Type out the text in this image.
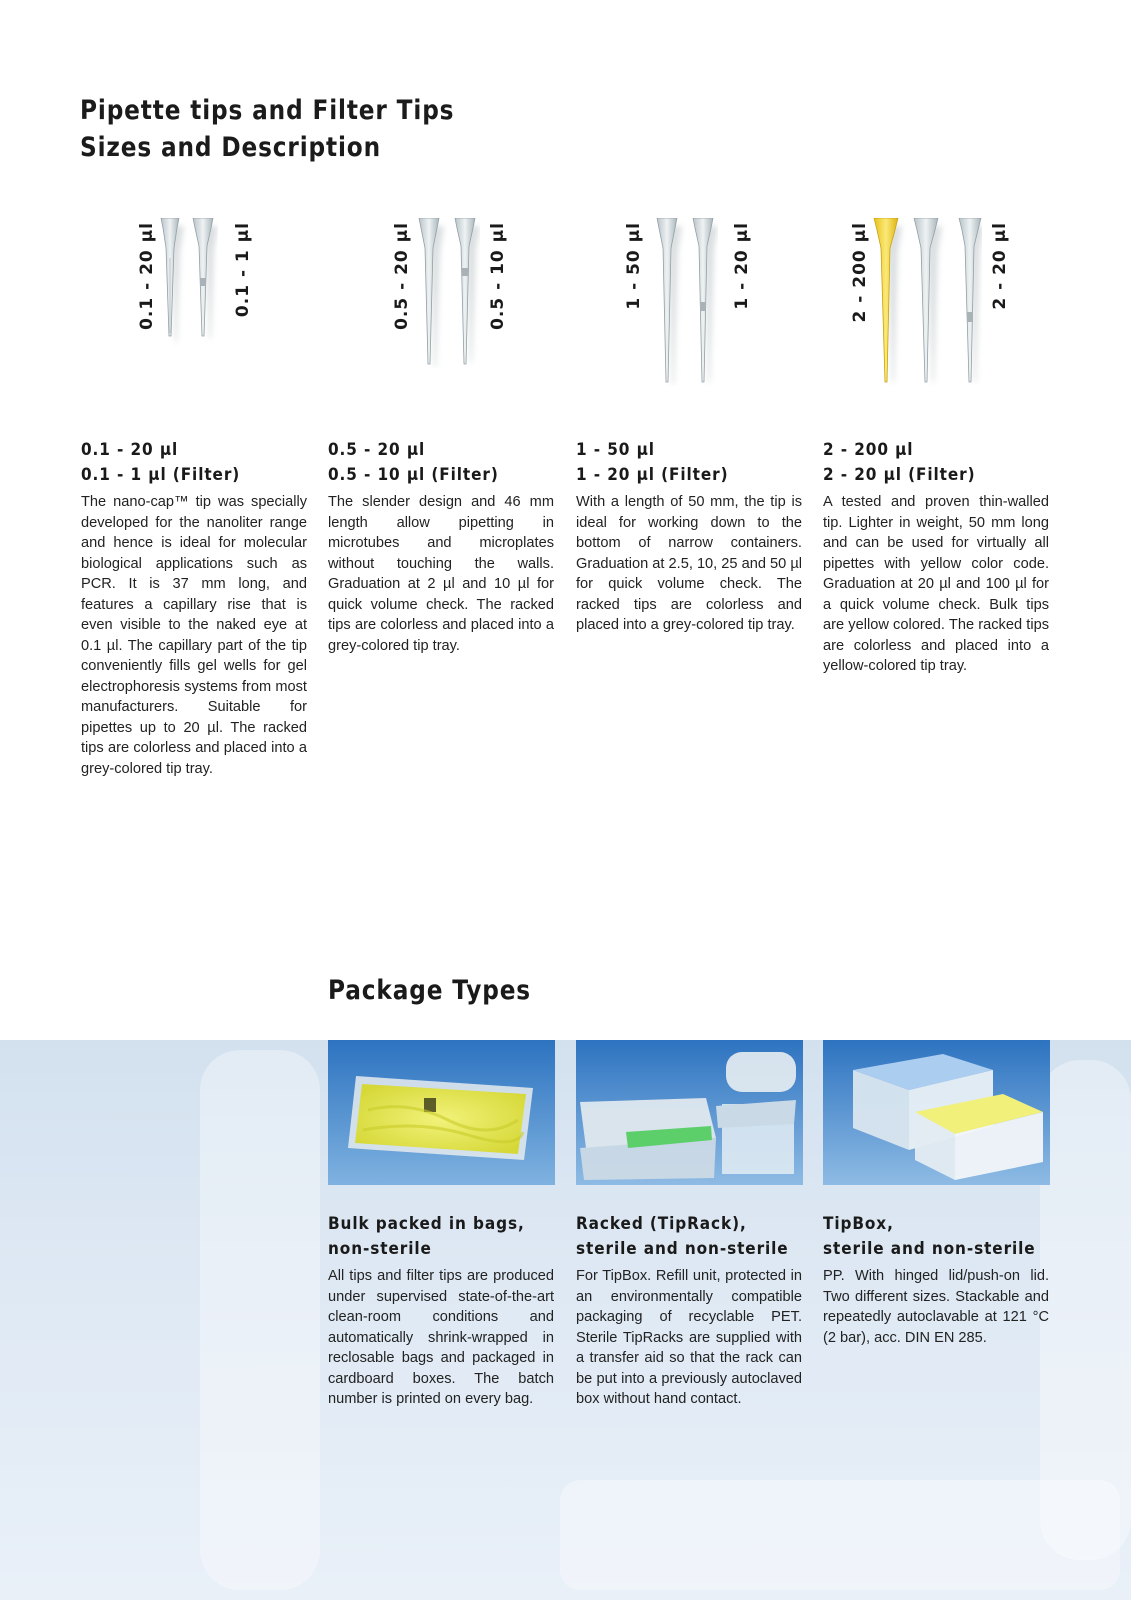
Pipette tips and Filter Tips
Sizes and Description
0.1 - 20 µl	0.1 - 1 µl	0.5 - 20 µl	0.5 - 10 µl	1 - 50 µl	1 - 20 µl	2 - 200 µl	2 - 20 µl
0.1 - 20 µl
0.1 - 1 µl (Filter)

The nano-cap™ tip was specially developed for the nanoliter range and hence is ideal for molecular biological applications such as PCR. It is 37 mm long, and features a capillary rise that is even visible to the naked eye at 0.1 µl. The capillary part of the tip conveniently fills gel wells for gel electrophoresis systems from most manufacturers. Suitable for pipettes up to 20 µl. The racked tips are colorless and placed into a grey-colored tip tray.

0.5 - 20 µl
0.5 - 10 µl (Filter)

The slender design and 46 mm length allow pipetting in microtubes and microplates without touching the walls. Graduation at 2 µl and 10 µl for quick volume check. The racked tips are colorless and placed into a grey-colored tip tray.

1 - 50 µl
1 - 20 µl (Filter)

With a length of 50 mm, the tip is ideal for working down to the bottom of narrow containers. Graduation at 2.5, 10, 25 and 50 µl for quick volume check. The racked tips are colorless and placed into a grey-colored tip tray.

2 - 200 µl
2 - 20 µl (Filter)

A tested and proven thin-walled tip. Lighter in weight, 50 mm long and can be used for virtually all pipettes with yellow color code. Graduation at 20 µl and 100 µl for a quick volume check. Bulk tips are yellow colored. The racked tips are colorless and placed into a yellow-colored tip tray.

Package Types
Bulk packed in bags,
non-sterile

All tips and filter tips are produced under supervised state-of-the-art clean-room conditions and automatically shrink-wrapped in reclosable bags and packaged in cardboard boxes. The batch number is printed on every bag.

Racked (TipRack),
sterile and non-sterile

For TipBox. Refill unit, protected in an environmentally compatible packaging of recyclable PET. Sterile TipRacks are supplied with a transfer aid so that the rack can be put into a previously autoclaved box without hand contact.

TipBox,
sterile and non-sterile

PP. With hinged lid/push-on lid. Two different sizes. Stackable and repeatedly autoclavable at 121 °C (2 bar), acc. DIN EN 285.
